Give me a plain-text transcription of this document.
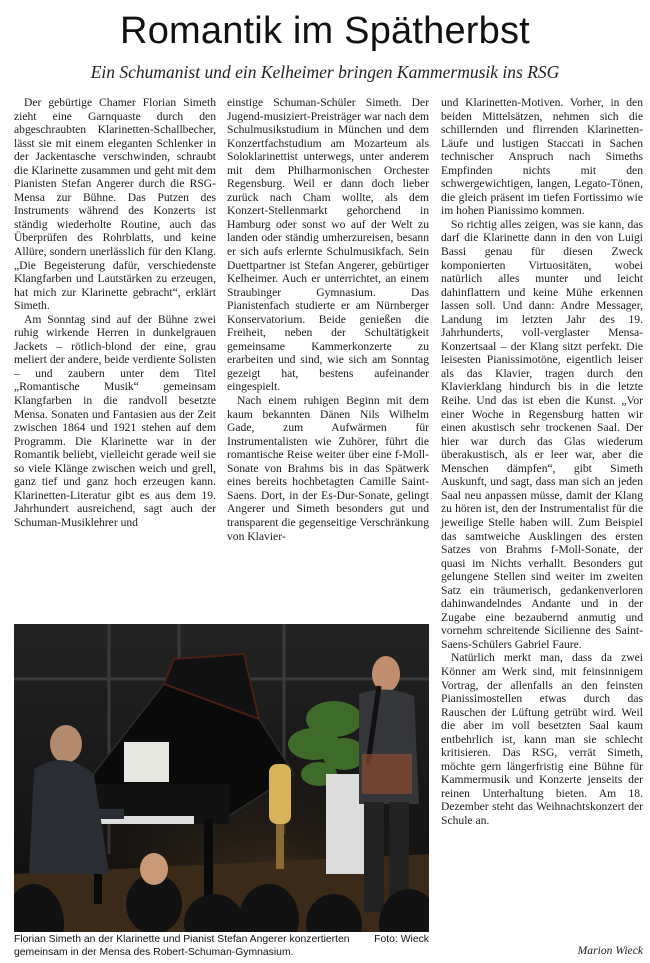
Romantik im Spätherbst
Ein Schumanist und ein Kelheimer bringen Kammermusik ins RSG

Der gebürtige Chamer Florian Simeth zieht eine Garnquaste durch den abgeschraubten Klarinetten-Schallbecher, lässt sie mit einem eleganten Schlenker in der Jackentasche verschwinden, schraubt die Klarinette zusammen und geht mit dem Pianisten Stefan Angerer durch die RSG-Mensa zur Bühne. Das Putzen des Instruments während des Konzerts ist ständig wiederholte Routine, auch das Überprüfen des Rohrblatts, und keine Allüre, sondern unerlässlich für den Klang. „Die Begeisterung dafür, verschiedenste Klangfarben und Lautstärken zu erzeugen, hat mich zur Klarinette gebracht“, erklärt Simeth.

Am Sonntag sind auf der Bühne zwei ruhig wirkende Herren in dunkelgrauen Jackets – rötlich-blond der eine, grau meliert der andere, beide verdiente Solisten – und zaubern unter dem Titel „Romantische Musik“ gemeinsam Klangfarben in die randvoll besetzte Mensa. Sonaten und Fantasien aus der Zeit zwischen 1864 und 1921 stehen auf dem Programm. Die Klarinette war in der Romantik beliebt, vielleicht gerade weil sie so viele Klänge zwischen weich und grell, ganz tief und ganz hoch erzeugen kann. Klarinetten-Literatur gibt es aus dem 19. Jahrhundert ausreichend, sagt auch der Schuman-Musiklehrer und

einstige Schuman-Schüler Simeth. Der Jugend-musiziert-Preisträger war nach dem Schulmusikstudium in München und dem Konzertfachstudium am Mozarteum als Soloklarinettist unterwegs, unter anderem mit dem Philharmonischen Orchester Regensburg. Weil er dann doch lieber zurück nach Cham wollte, als dem Konzert-Stellenmarkt gehorchend in Hamburg oder sonst wo auf der Welt zu landen oder ständig umherzureisen, besann er sich aufs erlernte Schulmusikfach. Sein Duettpartner ist Stefan Angerer, gebürtiger Kelheimer. Auch er unterrichtet, an einem Straubinger Gymnasium. Das Pianistenfach studierte er am Nürnberger Konservatorium. Beide genießen die Freiheit, neben der Schultätigkeit gemeinsame Kammerkonzerte zu erarbeiten und sind, wie sich am Sonntag gezeigt hat, bestens aufeinander eingespielt.

Nach einem ruhigen Beginn mit dem kaum bekannten Dänen Nils Wilhelm Gade, zum Aufwärmen für Instrumentalisten wie Zuhörer, führt die romantische Reise weiter über eine f-Moll-Sonate von Brahms bis in das Spätwerk eines bereits hochbetagten Camille Saint-Saens. Dort, in der Es-Dur-Sonate, gelingt Angerer und Simeth besonders gut und transparent die gegenseitige Verschränkung von Klavier-

und Klarinetten-Motiven. Vorher, in den beiden Mittelsätzen, nehmen sich die schillernden und flirrenden Klarinetten-Läufe und lustigen Staccati in Sachen technischer Anspruch nach Simeths Empfinden nichts mit den schwergewichtigen, langen, Legato-Tönen, die gleich präsent im tiefen Fortissimo wie im hohen Pianissimo kommen.

So richtig alles zeigen, was sie kann, das darf die Klarinette dann in den von Luigi Bassi genau für diesen Zweck komponierten Virtuositäten, wobei natürlich alles munter und leicht dahinflattern und keine Mühe erkennen lassen soll. Und dann: Andre Messager, Landung im letzten Jahr des 19. Jahrhunderts, voll-verglaster Mensa-Konzertsaal – der Klang sitzt perfekt. Die leisesten Pianissimotöne, eigentlich leiser als das Klavier, tragen durch den Klavierklang hindurch bis in die letzte Reihe. Und das ist eben die Kunst. „Vor einer Woche in Regensburg hatten wir einen akustisch sehr trockenen Saal. Der hier war durch das Glas wiederum überakustisch, als er leer war, aber die Menschen dämpfen“, gibt Simeth Auskunft, und sagt, dass man sich an jeden Saal neu anpassen müsse, damit der Klang zu hören ist, den der Instrumentalist für die jeweilige Stelle haben will. Zum Beispiel das samtweiche Ausklingen des ersten Satzes von Brahms f-Moll-Sonate, der quasi im Nichts verhallt. Besonders gut gelungene Stellen sind weiter im zweiten Satz ein träumerisch, gedankenverloren dahinwandelndes Andante und in der Zugabe eine bezaubernd anmutig und vornehm schreitende Sicilienne des Saint-Saens-Schülers Gabriel Faure.

Natürlich merkt man, dass da zwei Könner am Werk sind, mit feinsinnigem Vortrag, der allenfalls an den feinsten Pianissimostellen etwas durch das Rauschen der Lüftung getrübt wird. Weil die aber im voll besetzten Saal kaum entbehrlich ist, kann man sie schlecht kritisieren. Das RSG, verrät Simeth, möchte gern längerfristig eine Bühne für Kammermusik und Konzerte jenseits der reinen Unterhaltung bieten. Am 18. Dezember steht das Weihnachtskonzert der Schule an.

Marion Wieck
Foto: Wieck
Florian Simeth an der Klarinette und Pianist Stefan Angerer konzertierten gemeinsam in der Mensa des Robert-Schuman-Gymnasium.
